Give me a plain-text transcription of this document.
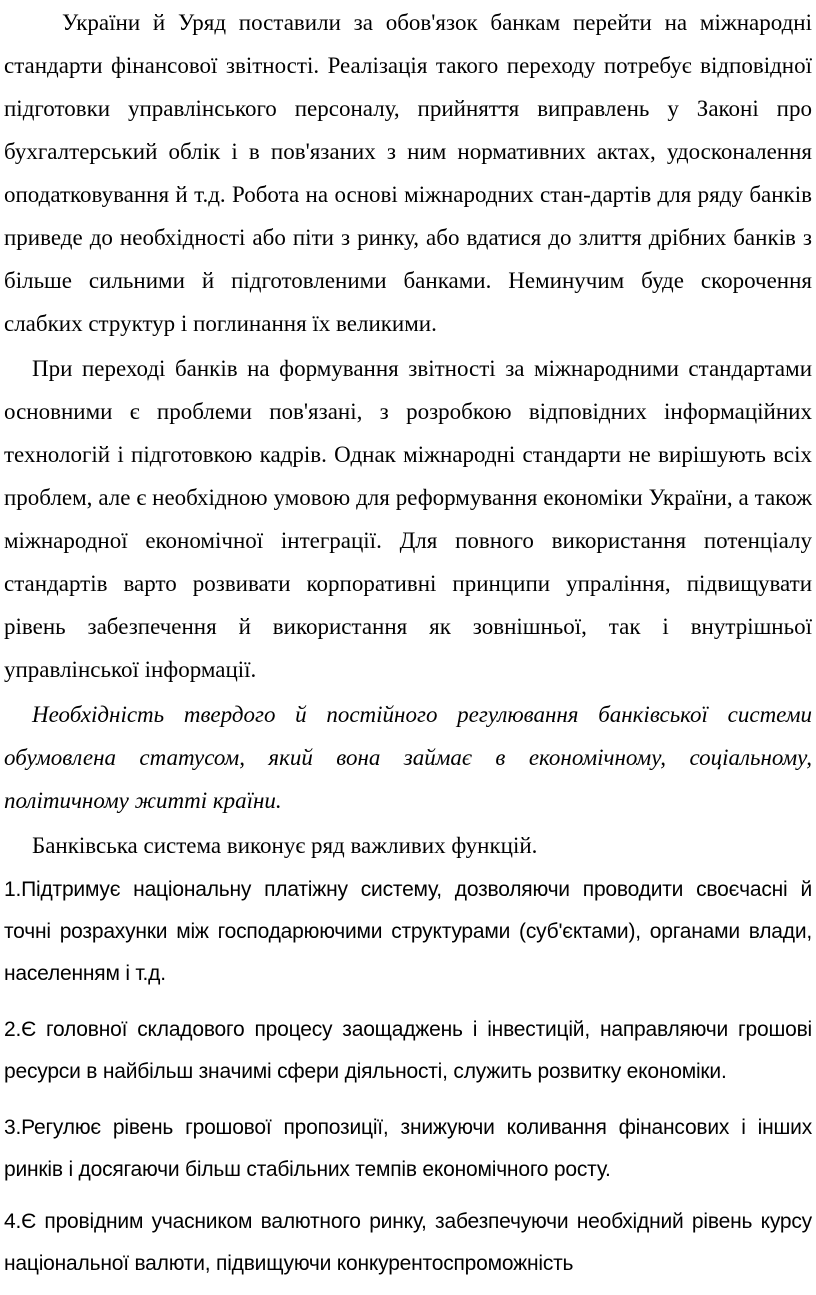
України й Уряд поставили за обов'язок банкам перейти на міжнародні стандарти фінансової звітності. Реалізація такого переходу потребує відповідної підготовки управлінського персоналу, прийняття виправлень у Законі про бухгалтерський облік і в пов'язаних з ним нормативних актах, удосконалення оподатковування й т.д. Робота на основі міжнародних стан-дартів для ряду банків приведе до необхідності або піти з ринку, або вдатися до злиття дрібних банків з більше сильними й підготовленими банками. Неминучим буде скорочення слабких структур і поглинання їх великими.

При переході банків на формування звітності за міжнародними стандартами основними є проблеми пов'язані, з розробкою відповідних інформаційних технологій і підготовкою кадрів. Однак міжнародні стандарти не вирішують всіх проблем, але є необхідною умовою для реформування економіки України, а також міжнародної економічної інтеграції. Для повного використання потенціалу стандартів варто розвивати корпоративні принципи упраління, підвищувати рівень забезпечення й використання як зовнішньої, так і внутрішньої управлінської інформації.

Необхідність твердого й постійного регулювання банківської системи обумовлена статусом, який вона займає в економічному, соціальному, політичному житті країни.

Банківська система виконує ряд важливих функцій.

1.Підтримує національну платіжну систему, дозволяючи проводити своєчасні й точні розрахунки між господарюючими структурами (суб'єктами), органами влади, населенням і т.д.

2.Є головної складового процесу заощаджень і інвестицій, направляючи грошові ресурси в найбільш значимі сфери діяльності, служить розвитку економіки.

3.Регулює рівень грошової пропозиції, знижуючи коливання фінансових і інших ринків і досягаючи більш стабільних темпів економічного росту.

4.Є провідним учасником валютного ринку, забезпечуючи необхідний рівень курсу національної валюти, підвищуючи конкурентоспроможність
